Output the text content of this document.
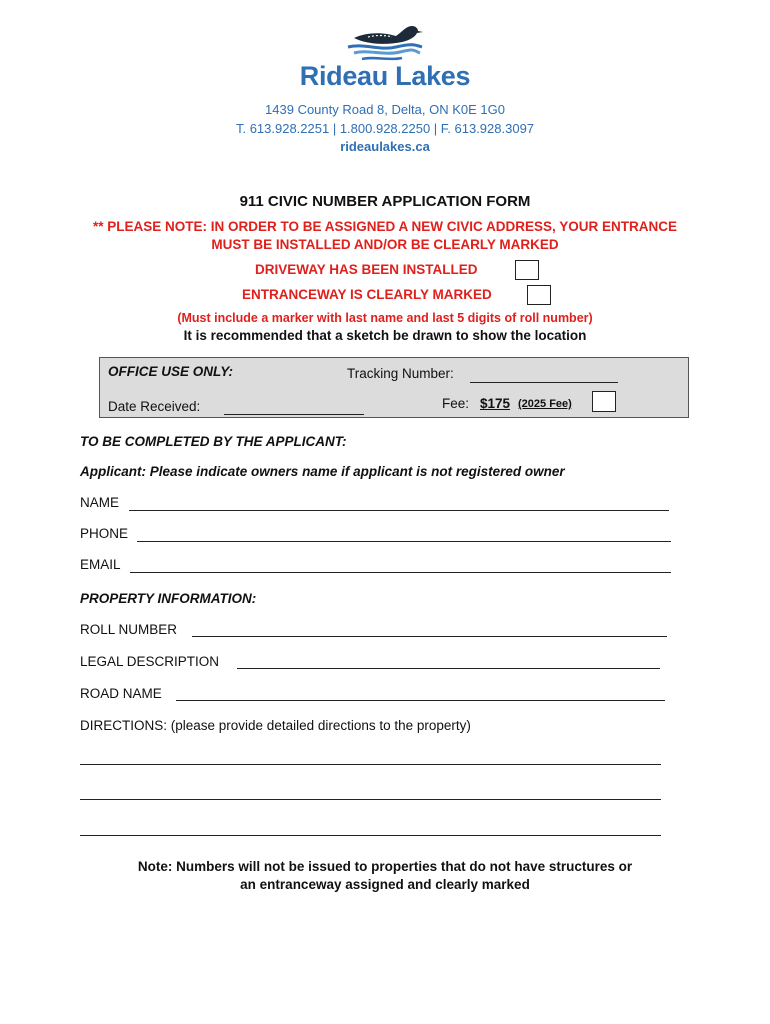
Rideau Lakes
1439 County Road 8, Delta, ON K0E 1G0
T. 613.928.2251 | 1.800.928.2250 | F. 613.928.3097
rideaulakes.ca
911 CIVIC NUMBER APPLICATION FORM
** PLEASE NOTE: IN ORDER TO BE ASSIGNED A NEW CIVIC ADDRESS, YOUR ENTRANCE
MUST BE INSTALLED AND/OR BE CLEARLY MARKED
DRIVEWAY HAS BEEN INSTALLED
ENTRANCEWAY IS CLEARLY MARKED
(Must include a marker with last name and last 5 digits of roll number)
It is recommended that a sketch be drawn to show the location
OFFICE USE ONLY:	Tracking Number:
Date Received:	Fee: $175 (2025 Fee)
TO BE COMPLETED BY THE APPLICANT:
Applicant: Please indicate owners name if applicant is not registered owner
NAME
PHONE
EMAIL
PROPERTY INFORMATION:
ROLL NUMBER
LEGAL DESCRIPTION
ROAD NAME
DIRECTIONS: (please provide detailed directions to the property)
Note: Numbers will not be issued to properties that do not have structures or
an entranceway assigned and clearly marked
